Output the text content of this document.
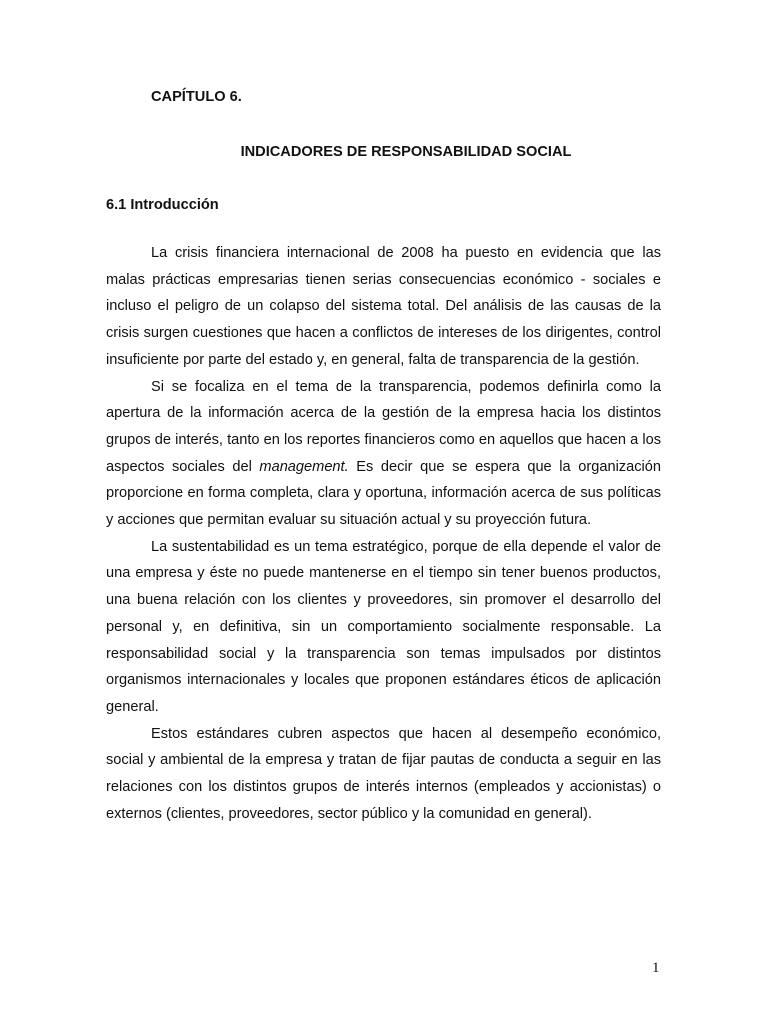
CAPÍTULO 6.
INDICADORES DE RESPONSABILIDAD SOCIAL
6.1 Introducción

La crisis financiera internacional de 2008 ha puesto en evidencia que las malas prácticas empresarias tienen serias consecuencias económico - sociales e incluso el peligro de un colapso del sistema total. Del análisis de las causas de la crisis surgen cuestiones que hacen a conflictos de intereses de los dirigentes, control insuficiente por parte del estado y, en general, falta de transparencia de la gestión.

Si se focaliza en el tema de la transparencia, podemos definirla como la apertura de la información acerca de la gestión de la empresa hacia los distintos grupos de interés, tanto en los reportes financieros como en aquellos que hacen a los aspectos sociales del management. Es decir que se espera que la organización proporcione en forma completa, clara y oportuna, información acerca de sus políticas y acciones que permitan evaluar su situación actual y su proyección futura.

La sustentabilidad es un tema estratégico, porque de ella depende el valor de una empresa y éste no puede mantenerse en el tiempo sin tener buenos productos, una buena relación con los clientes y proveedores, sin promover el desarrollo del personal y, en definitiva, sin un comportamiento socialmente responsable. La responsabilidad social y la transparencia son temas impulsados por distintos organismos internacionales y locales que proponen estándares éticos de aplicación general.

Estos estándares cubren aspectos que hacen al desempeño económico, social y ambiental de la empresa y tratan de fijar pautas de conducta a seguir en las relaciones con los distintos grupos de interés internos (empleados y accionistas) o externos (clientes, proveedores, sector público y la comunidad en general).

1
